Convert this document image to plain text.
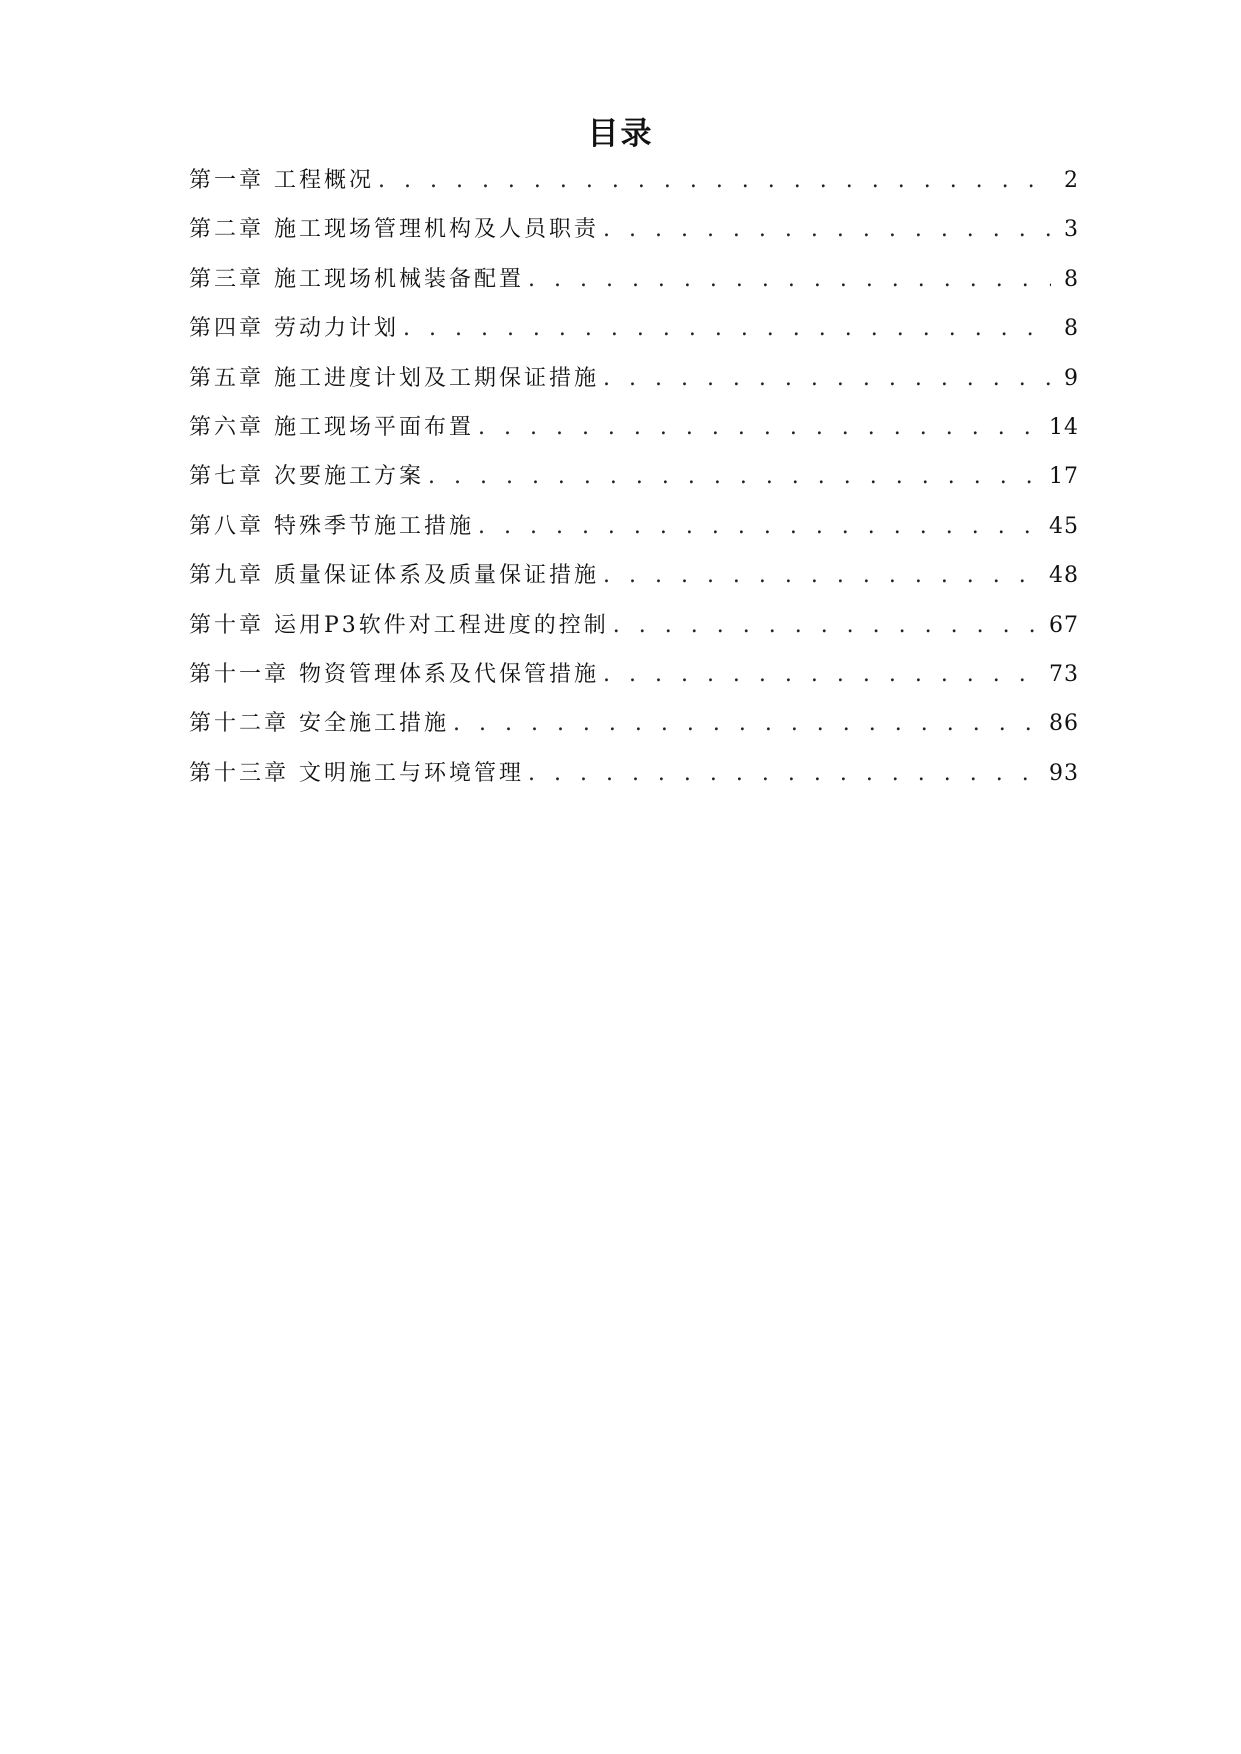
目录
第一章 工程概况 . . .	2
第二章 施工现场管理机构及人员职责 . . .	3
第三章 施工现场机械装备配置 . . .	8
第四章 劳动力计划 . . .	8
第五章 施工进度计划及工期保证措施 . . .	9
第六章 施工现场平面布置 . . .	14
第七章 次要施工方案 . . .	17
第八章 特殊季节施工措施 . . .	45
第九章 质量保证体系及质量保证措施 . . .	48
第十章 运用P3软件对工程进度的控制 . . .	67
第十一章 物资管理体系及代保管措施 . . .	73
第十二章 安全施工措施 . . .	86
第十三章 文明施工与环境管理 . . .	93
